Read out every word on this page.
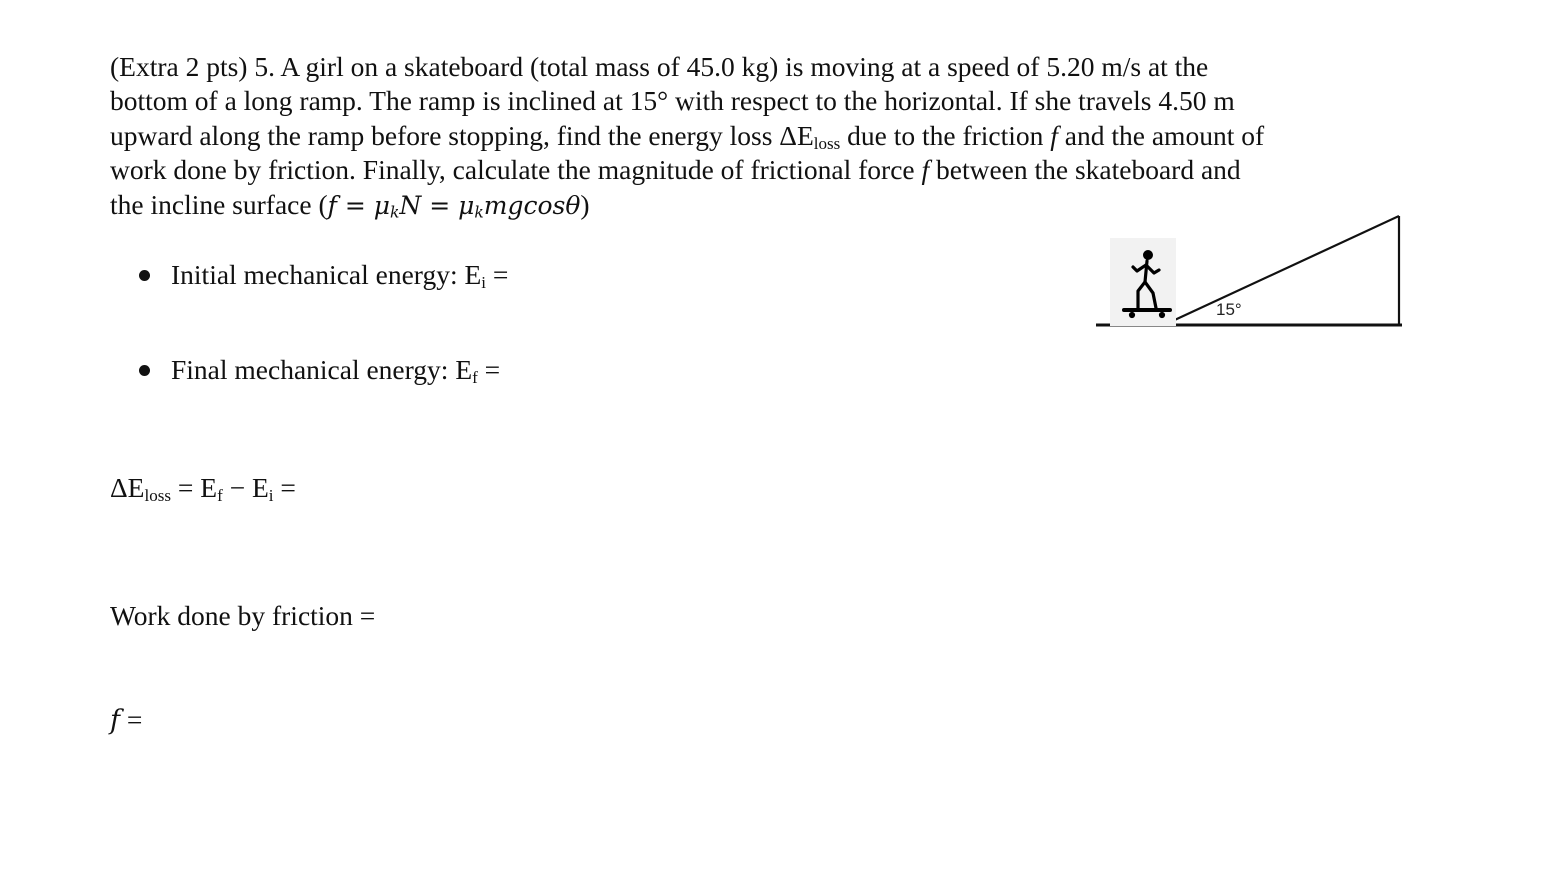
(Extra 2 pts) 5. A girl on a skateboard (total mass of 45.0 kg) is moving at a speed of 5.20 m/s at the
bottom of a long ramp. The ramp is inclined at 15° with respect to the horizontal. If she travels 4.50 m
upward along the ramp before stopping, find the energy loss $\Delta E_{loss}$ due to the friction f and the amount of
work done by friction. Finally, calculate the magnitude of frictional force f between the skateboard and
the incline surface $(f = \mu_kN = \mu_kmgcos\theta)$
15°
Initial mechanical energy: $E_i$ =
Final mechanical energy: $E_f$ =
$\Delta E_{loss} = E_f - E_i$ =
Work done by friction =
f =
